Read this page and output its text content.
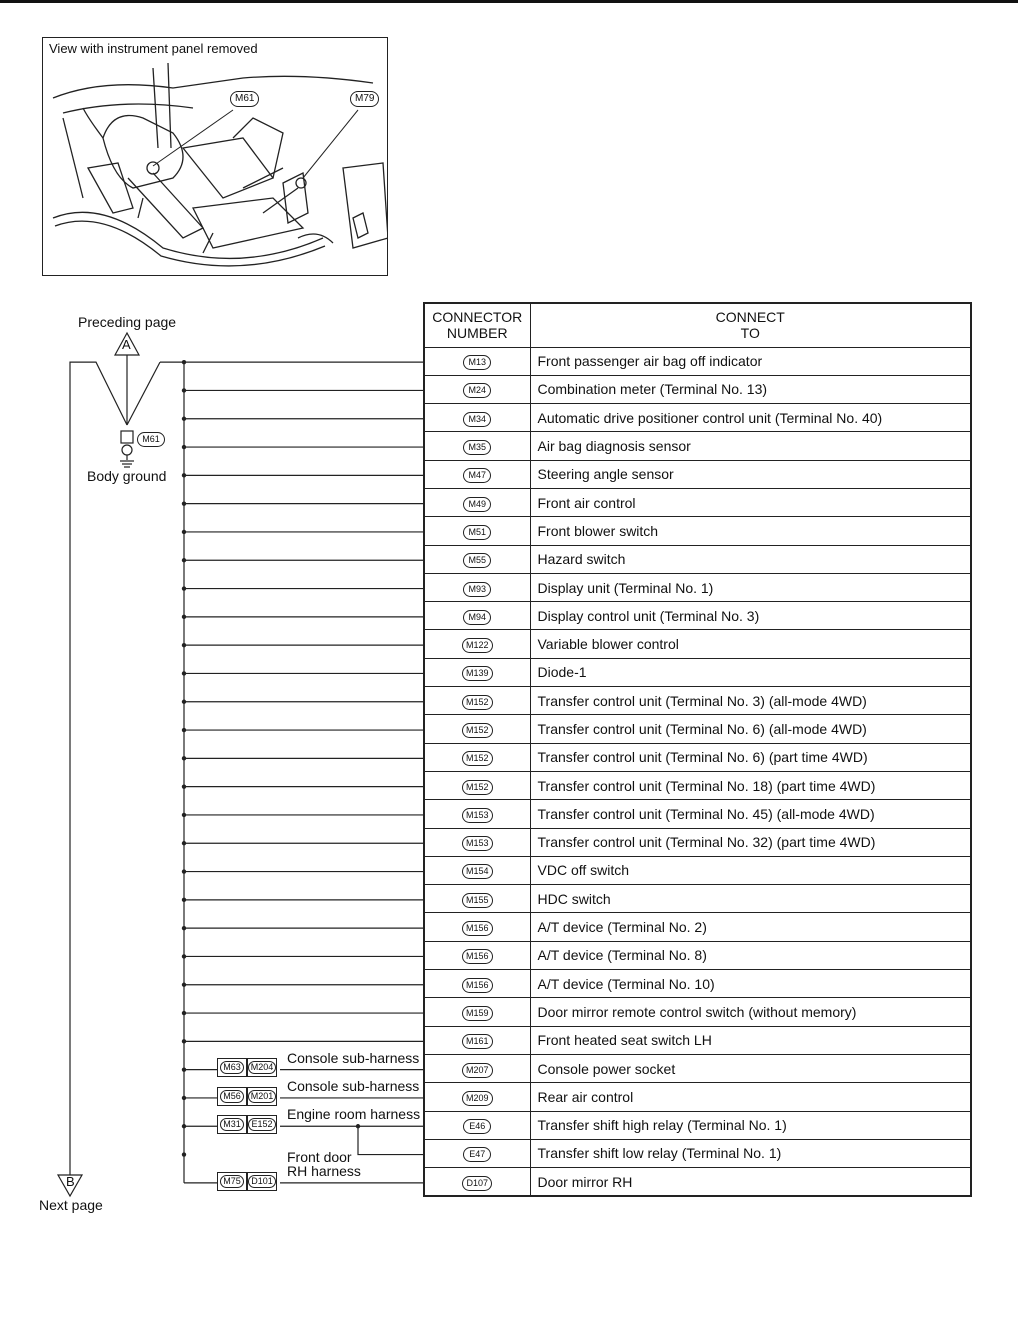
View with instrument panel removed
M61	M79
Preceding page
A
M61
Body ground
B
Next page
M63	M204
Console sub-harness
M56	M201
Console sub-harness
M31	E152
Engine room harness
M75	D101
Front door
RH harness
CONNECTOR
NUMBER	CONNECT
TO
M13	Front passenger air bag off indicator
M24	Combination meter (Terminal No. 13)
M34	Automatic drive positioner control unit (Terminal No. 40)
M35	Air bag diagnosis sensor
M47	Steering angle sensor
M49	Front air control
M51	Front blower switch
M55	Hazard switch
M93	Display unit (Terminal No. 1)
M94	Display control unit (Terminal No. 3)
M122	Variable blower control
M139	Diode-1
M152	Transfer control unit (Terminal No. 3) (all-mode 4WD)
M152	Transfer control unit (Terminal No. 6) (all-mode 4WD)
M152	Transfer control unit (Terminal No. 6) (part time 4WD)
M152	Transfer control unit (Terminal No. 18) (part time 4WD)
M153	Transfer control unit (Terminal No. 45) (all-mode 4WD)
M153	Transfer control unit (Terminal No. 32) (part time 4WD)
M154	VDC off switch
M155	HDC switch
M156	A/T device (Terminal No. 2)
M156	A/T device (Terminal No. 8)
M156	A/T device (Terminal No. 10)
M159	Door mirror remote control switch (without memory)
M161	Front heated seat switch LH
M207	Console power socket
M209	Rear air control
E46	Transfer shift high relay (Terminal No. 1)
E47	Transfer shift low relay (Terminal No. 1)
D107	Door mirror RH
